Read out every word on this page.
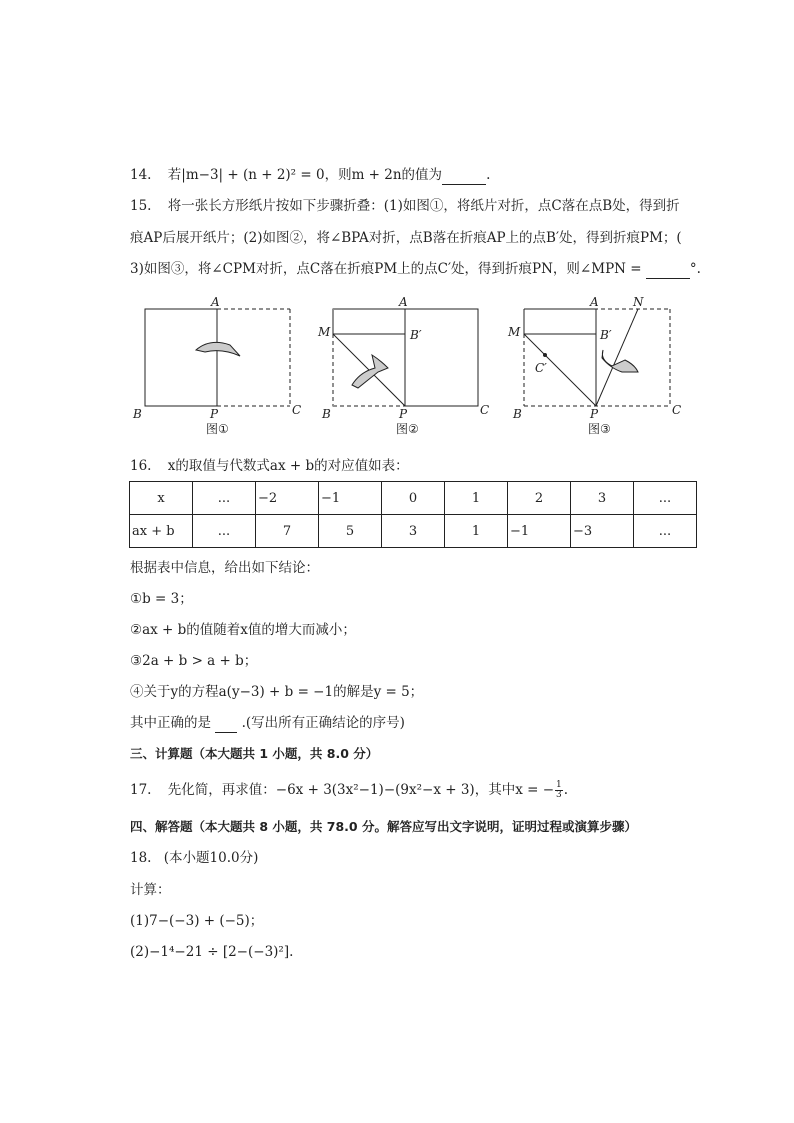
14. 若|m−3| + (n + 2)² = 0，则m + 2n的值为	.
15. 将一张长方形纸片按如下步骤折叠：(1)如图①，将纸片对折，点C落在点B处，得到折
痕AP后展开纸片；(2)如图②，将∠BPA对折，点B落在折痕AP上的点B′处，得到折痕PM；(
3)如图③，将∠CPM对折，点C落在折痕PM上的点C′处，得到折痕PN，则∠MPN =	°.
A
B	P	C
图①
A
M	B′
B	P	C
图②
A	N
M	B′
C′
B	P	C
图③
16. x的取值与代数式ax + b的对应值如表：
x	...	−2	−1	0	1	2	3	...
ax + b	...	7	5	3	1	−1	−3	...
根据表中信息，给出如下结论：
①b = 3；
②ax + b的值随着x值的增大而减小；
③2a + b > a + b；
④关于y的方程a(y−3) + b = −1的解是y = 5；
其中正确的是   .(写出所有正确结论的序号)
三、计算题（本大题共 1 小题，共 8.0 分）
17. 先化简，再求值：−6x + 3(3x²−1)−(9x²−x + 3)，其中x = − $\frac{1}{3}$ .
四、解答题（本大题共 8 小题，共 78.0 分。解答应写出文字说明，证明过程或演算步骤）
18. (本小题10.0分)
计算：
(1)7−(−3) + (−5)；
(2)−1⁴−21 ÷ [2−(−3)²].
